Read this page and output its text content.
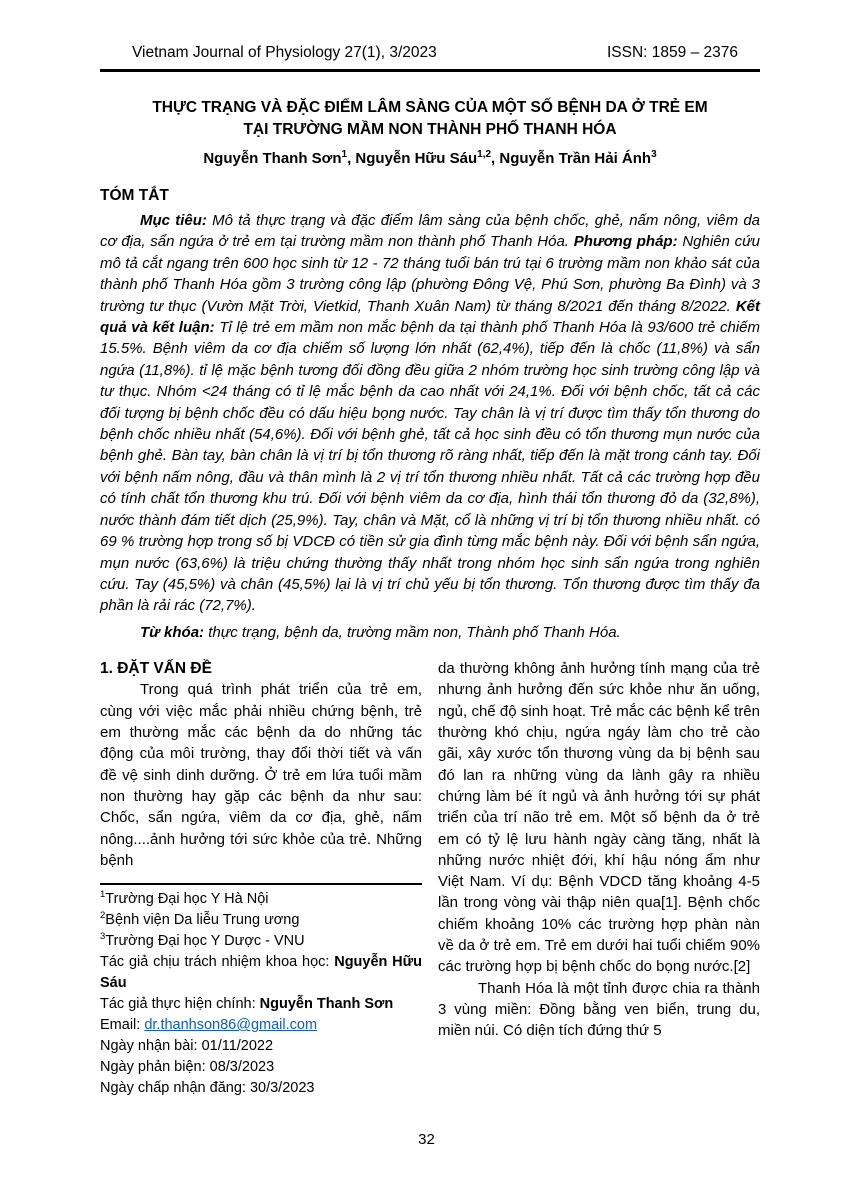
Vietnam Journal of Physiology 27(1), 3/2023	ISSN: 1859 – 2376
THỰC TRẠNG VÀ ĐẶC ĐIỂM LÂM SÀNG CỦA MỘT SỐ BỆNH DA Ở TRẺ EM
TẠI TRƯỜNG MẦM NON THÀNH PHỐ THANH HÓA
Nguyễn Thanh Sơn$^1$, Nguyễn Hữu Sáu$^{1,2}$, Nguyễn Trần Hải Ánh$^3$
TÓM TẮT

Mục tiêu: Mô tả thực trạng và đặc điểm lâm sàng của bệnh chốc, ghẻ, nấm nông, viêm da cơ địa, sẩn ngứa ở trẻ em tại trường mầm non thành phố Thanh Hóa. Phương pháp: Nghiên cứu mô tả cắt ngang trên 600 học sinh từ 12 - 72 tháng tuổi bán trú tại 6 trường mầm non khảo sát của thành phố Thanh Hóa gồm 3 trường công lập (phường Đông Vệ, Phú Sơn, phường Ba Đình) và 3 trường tư thục (Vườn Mặt Trời, Vietkid, Thanh Xuân Nam) từ tháng 8/2021 đến tháng 8/2022. Kết quả và kết luận: Tỉ lệ trẻ em mầm non mắc bệnh da tại thành phố Thanh Hóa là 93/600 trẻ chiếm 15.5%. Bệnh viêm da cơ địa chiếm số lượng lớn nhất (62,4%), tiếp đến là chốc (11,8%) và sẩn ngứa (11,8%). tỉ lệ mặc bệnh tương đối đồng đều giữa 2 nhóm trường học sinh trường công lập và tư thục. Nhóm <24 tháng có tỉ lệ mắc bệnh da cao nhất với 24,1%. Đối với bệnh chốc, tất cả các đối tượng bị bệnh chốc đều có dấu hiệu bọng nước. Tay chân là vị trí được tìm thấy tổn thương do bệnh chốc nhiều nhất (54,6%). Đối với bệnh ghẻ, tất cả học sinh đều có tổn thương mụn nước của bệnh ghẻ. Bàn tay, bàn chân là vị trí bị tổn thương rõ ràng nhất, tiếp đến là mặt trong cánh tay. Đối với bệnh nấm nông, đầu và thân mình là 2 vị trí tổn thương nhiều nhất. Tất cả các trường hợp đều có tính chất tổn thương khu trú. Đối với bệnh viêm da cơ địa, hình thái tổn thương đỏ da (32,8%), nước thành đám tiết dịch (25,9%). Tay, chân và Mặt, cổ là những vị trí bị tổn thương nhiều nhất. có 69 % trường hợp trong số bị VDCĐ có tiền sử gia đình từng mắc bệnh này. Đối với bệnh sẩn ngứa, mụn nước (63,6%) là triệu chứng thường thấy nhất trong nhóm học sinh sẩn ngứa trong nghiên cứu. Tay (45,5%) và chân (45,5%) lại là vị trí chủ yếu bị tổn thương. Tổn thương được tìm thấy đa phần là rải rác (72,7%).

Từ khóa: thực trạng, bệnh da, trường mầm non, Thành phố Thanh Hóa.

1. ĐẶT VẤN ĐỀ

Trong quá trình phát triển của trẻ em, cùng với việc mắc phải nhiều chứng bệnh, trẻ em thường mắc các bệnh da do những tác động của môi trường, thay đổi thời tiết và vấn đề vệ sinh dinh dưỡng. Ở trẻ em lứa tuổi mầm non thường hay gặp các bệnh da như sau: Chốc, sẩn ngứa, viêm da cơ địa, ghẻ, nấm nông....ảnh hưởng tới sức khỏe của trẻ. Những bệnh

$^1$Trường Đại học Y Hà Nội
$^2$Bệnh viện Da liễu Trung ương
$^3$Trường Đại học Y Dược - VNU
Tác giả chịu trách nhiệm khoa học: Nguyễn Hữu Sáu
Tác giả thực hiện chính: Nguyễn Thanh Sơn
Email: dr.thanhson86@gmail.com
Ngày nhận bài: 01/11/2022
Ngày phản biện: 08/3/2023
Ngày chấp nhận đăng: 30/3/2023

da thường không ảnh hưởng tính mạng của trẻ nhưng ảnh hưởng đến sức khỏe như ăn uống, ngủ, chế độ sinh hoạt. Trẻ mắc các bệnh kể trên thường khó chịu, ngứa ngáy làm cho trẻ cào gãi, xây xước tổn thương vùng da bị bệnh sau đó lan ra những vùng da lành gây ra nhiều chứng làm bé ít ngủ và ảnh hưởng tới sự phát triển của trí não trẻ em. Một số bệnh da ở trẻ em có tỷ lệ lưu hành ngày càng tăng, nhất là những nước nhiệt đới, khí hậu nóng ẩm như Việt Nam. Ví dụ: Bệnh VDCD tăng khoảng 4-5 lần trong vòng vài thập niên qua[1]. Bệnh chốc chiếm khoảng 10% các trường hợp phàn nàn về da ở trẻ em. Trẻ em dưới hai tuổi chiếm 90% các trường hợp bị bệnh chốc do bọng nước.[2]

Thanh Hóa là một tỉnh được chia ra thành 3 vùng miền: Đồng bằng ven biển, trung du, miền núi. Có diện tích đứng thứ 5

32
